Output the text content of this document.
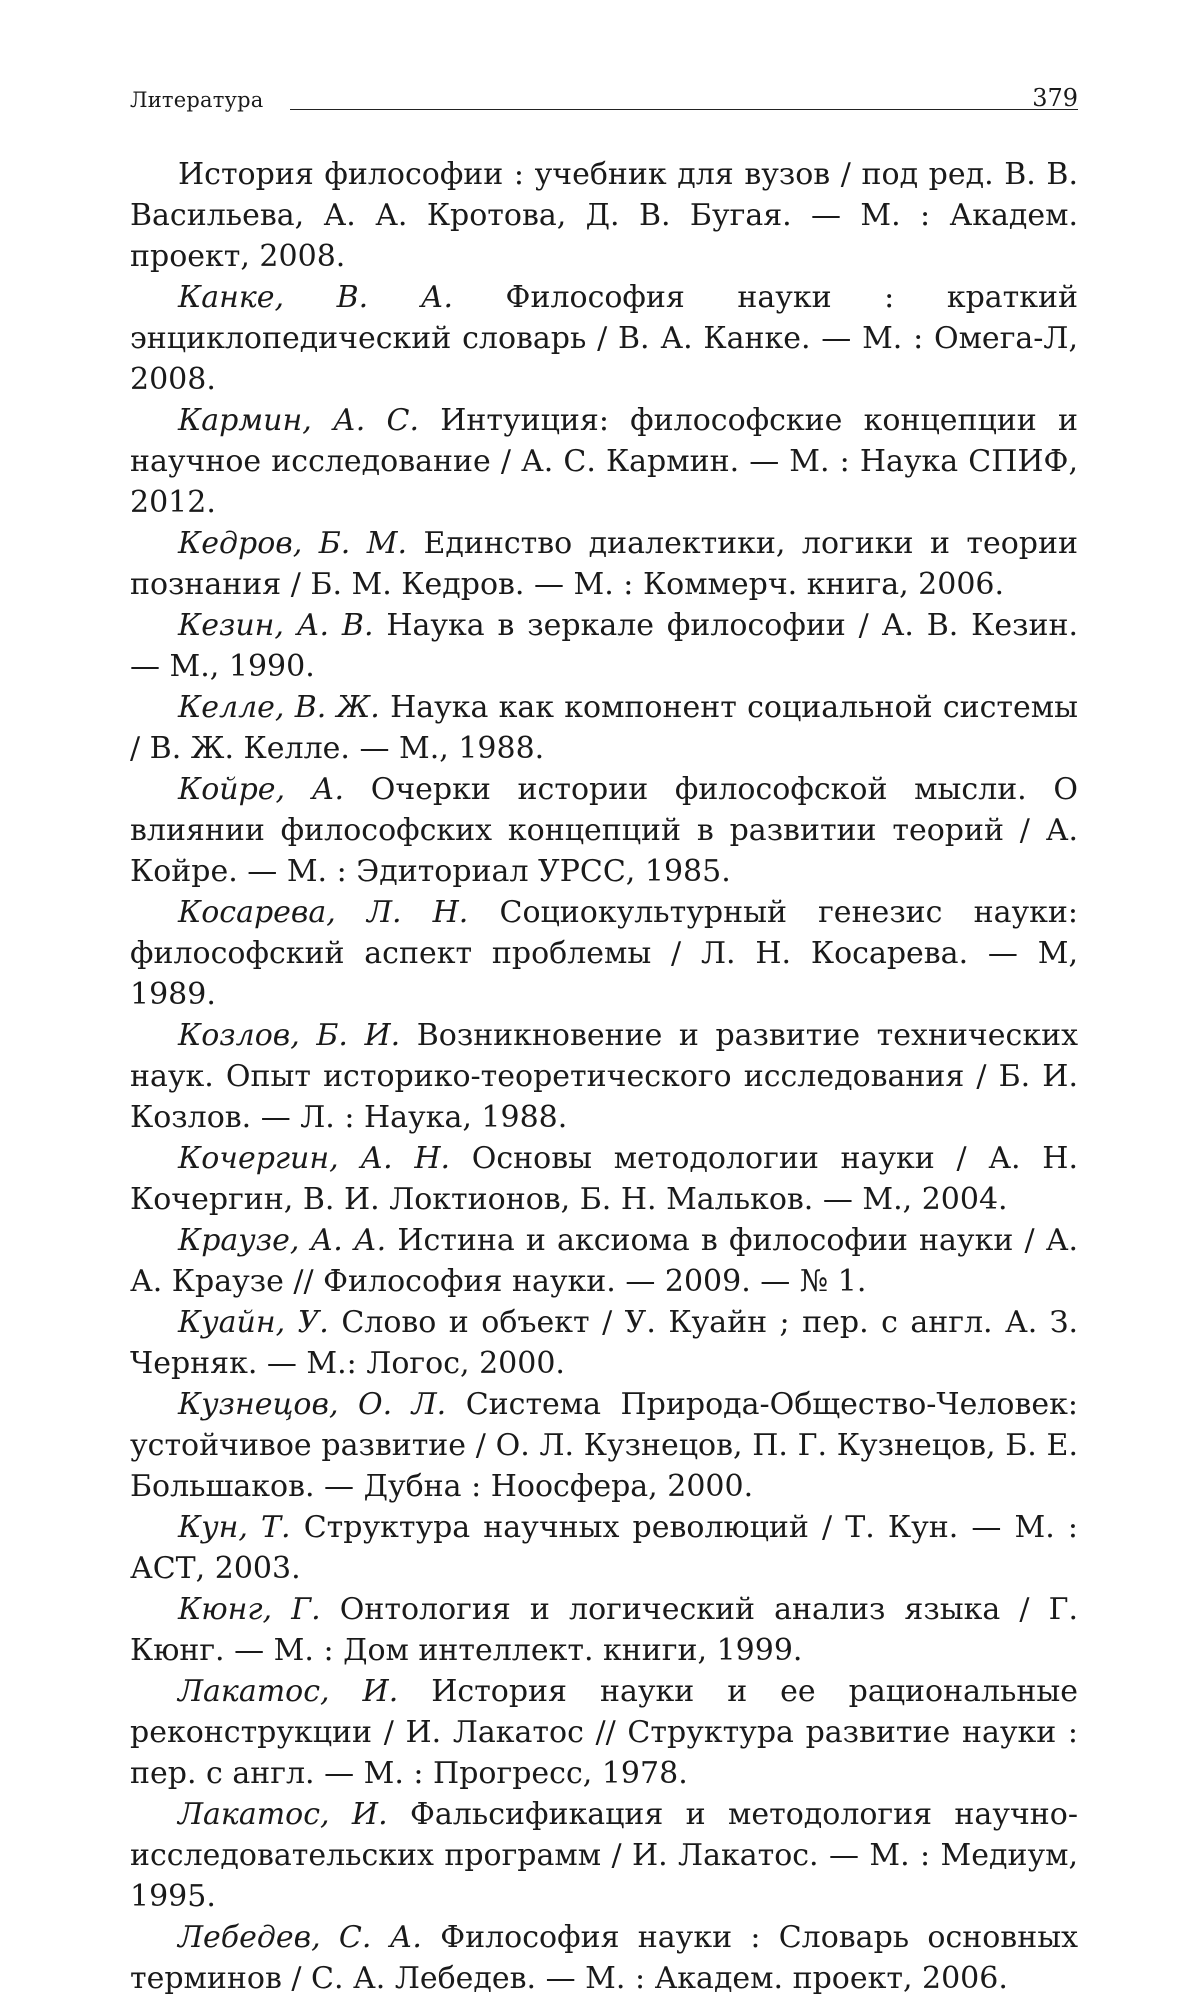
Литература	379

История философии : учебник для вузов / под ред. В. В. Васильева, А. А. Кротова, Д. В. Бугая. — М. : Академ. проект, 2008.

Канке, В. А. Философия науки : краткий энциклопедический словарь / В. А. Канке. — М. : Омега-Л, 2008.

Кармин, А. С. Интуиция: философские концепции и научное исследование / А. С. Кармин. — М. : Наука СПИФ, 2012.

Кедров, Б. М. Единство диалектики, логики и теории познания / Б. М. Кедров. — М. : Коммерч. книга, 2006.

Кезин, А. В. Наука в зеркале философии / А. В. Кезин. — М., 1990.

Келле, В. Ж. Наука как компонент социальной системы / В. Ж. Келле. — М., 1988.

Койре, А. Очерки истории философской мысли. О влиянии философских концепций в развитии теорий / А. Койре. — М. : Эдиториал УРСС, 1985.

Косарева, Л. Н. Социокультурный генезис науки: философский аспект проблемы / Л. Н. Косарева. — М, 1989.

Козлов, Б. И. Возникновение и развитие технических наук. Опыт историко-теоретического исследования / Б. И. Козлов. — Л. : Наука, 1988.

Кочергин, А. Н. Основы методологии науки / А. Н. Кочергин, В. И. Локтионов, Б. Н. Мальков. — М., 2004.

Краузе, А. А. Истина и аксиома в философии науки / А. А. Краузе // Философия науки. — 2009. — № 1.

Куайн, У. Слово и объект / У. Куайн ; пер. с англ. А. З. Черняк. — М.: Логос, 2000.

Кузнецов, О. Л. Система Природа-Общество-Человек: устойчивое развитие / О. Л. Кузнецов, П. Г. Кузнецов, Б. Е. Большаков. — Дубна : Ноосфера, 2000.

Кун, Т. Структура научных революций / Т. Кун. — М. : АСТ, 2003.

Кюнг, Г. Онтология и логический анализ языка / Г. Кюнг. — М. : Дом интеллект. книги, 1999.

Лакатос, И. История науки и ее рациональные реконструкции / И. Лакатос // Структура развитие науки : пер. с англ. — М. : Прогресс, 1978.

Лакатос, И. Фальсификация и методология научно-исследовательских программ / И. Лакатос. — М. : Медиум, 1995.

Лебедев, С. А. Философия науки : Словарь основных терминов / С. А. Лебедев. — М. : Академ. проект, 2006.
